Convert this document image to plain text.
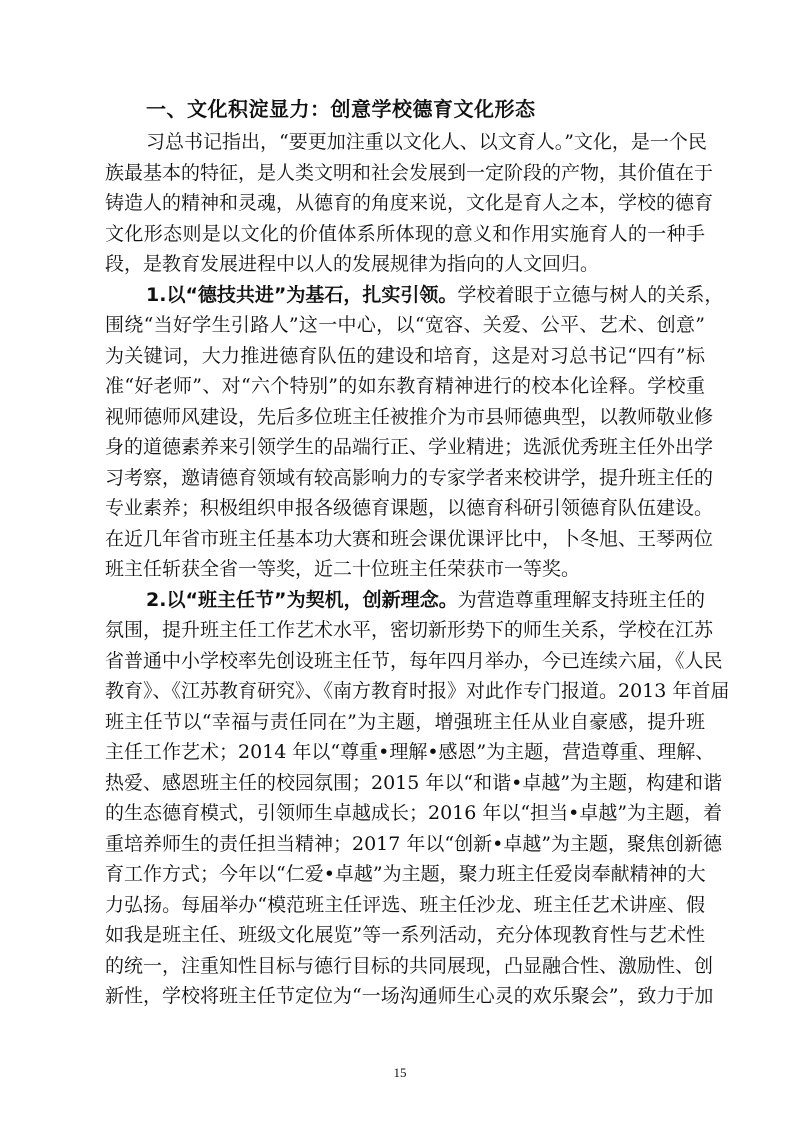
一、文化积淀显力：创意学校德育文化形态
习总书记指出，“要更加注重以文化人、以文育人。”文化，是一个民
族最基本的特征，是人类文明和社会发展到一定阶段的产物，其价值在于
铸造人的精神和灵魂，从德育的角度来说，文化是育人之本，学校的德育
文化形态则是以文化的价值体系所体现的意义和作用实施育人的一种手
段，是教育发展进程中以人的发展规律为指向的人文回归。
1.以“德技共进”为基石，扎实引领。学校着眼于立德与树人的关系，
围绕“当好学生引路人”这一中心，以“宽容、关爱、公平、艺术、创意”
为关键词，大力推进德育队伍的建设和培育，这是对习总书记“四有”标
准“好老师”、对“六个特别”的如东教育精神进行的校本化诠释。学校重
视师德师风建设，先后多位班主任被推介为市县师德典型，以教师敬业修
身的道德素养来引领学生的品端行正、学业精进；选派优秀班主任外出学
习考察，邀请德育领域有较高影响力的专家学者来校讲学，提升班主任的
专业素养；积极组织申报各级德育课题，以德育科研引领德育队伍建设。
在近几年省市班主任基本功大赛和班会课优课评比中，卜冬旭、王琴两位
班主任斩获全省一等奖，近二十位班主任荣获市一等奖。
2.以“班主任节”为契机，创新理念。为营造尊重理解支持班主任的
氛围，提升班主任工作艺术水平，密切新形势下的师生关系，学校在江苏
省普通中小学校率先创设班主任节，每年四月举办，今已连续六届，《人民
教育》、《江苏教育研究》、《南方教育时报》对此作专门报道。2013 年首届
班主任节以“幸福与责任同在”为主题，增强班主任从业自豪感，提升班
主任工作艺术；2014 年以“尊重•理解•感恩”为主题，营造尊重、理解、
热爱、感恩班主任的校园氛围；2015 年以“和谐•卓越”为主题，构建和谐
的生态德育模式，引领师生卓越成长；2016 年以“担当•卓越”为主题，着
重培养师生的责任担当精神；2017 年以“创新•卓越”为主题，聚焦创新德
育工作方式；今年以“仁爱•卓越”为主题，聚力班主任爱岗奉献精神的大
力弘扬。每届举办“模范班主任评选、班主任沙龙、班主任艺术讲座、假
如我是班主任、班级文化展览”等一系列活动，充分体现教育性与艺术性
的统一，注重知性目标与德行目标的共同展现，凸显融合性、激励性、创
新性，学校将班主任节定位为“一场沟通师生心灵的欢乐聚会”，致力于加
15
